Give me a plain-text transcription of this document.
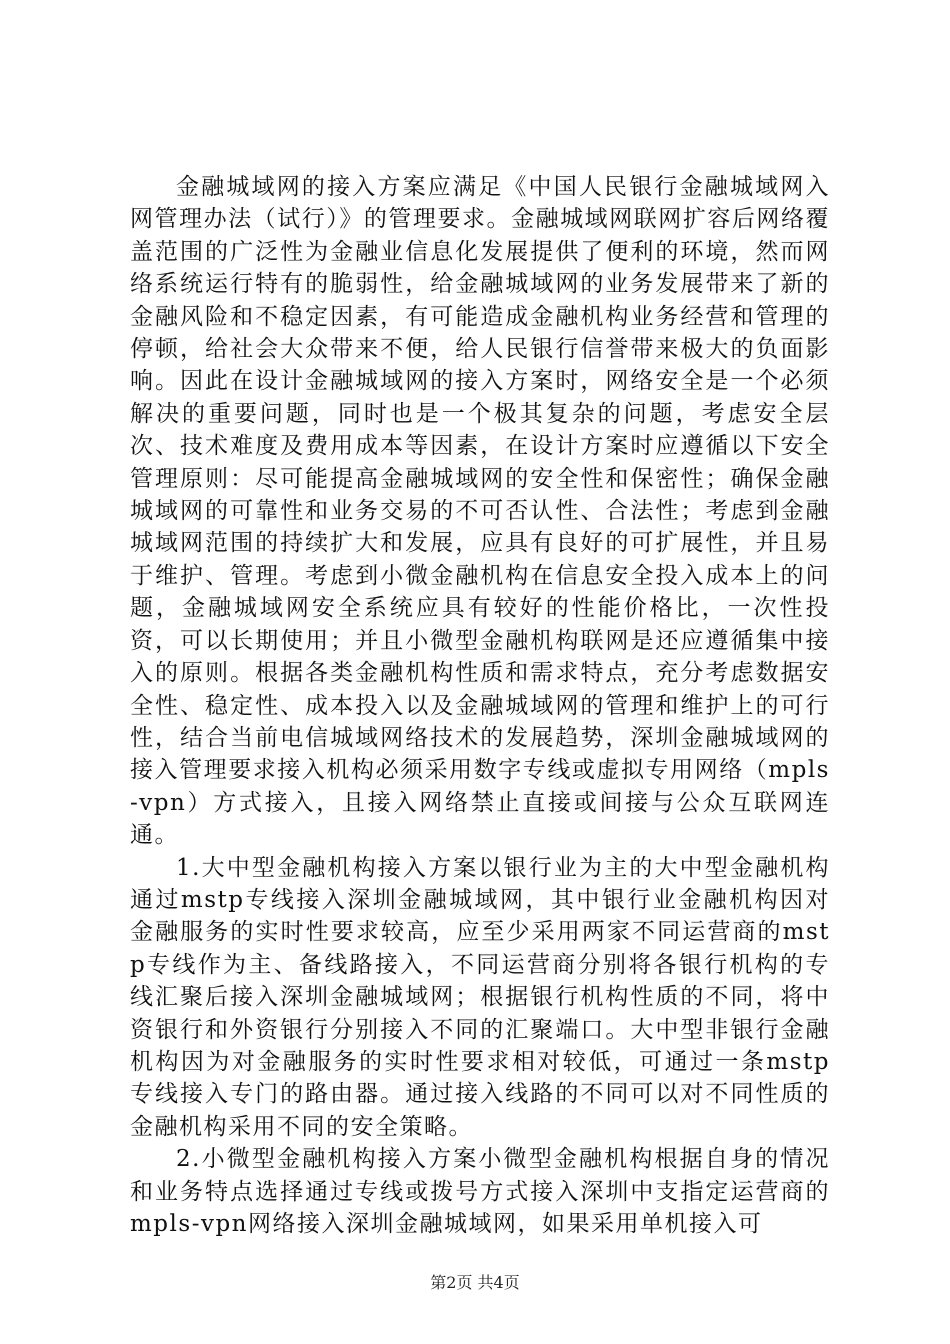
金融城域网的接入方案应满足《中国人民银行金融城域网入网管理办法（试行）》的管理要求。金融城域网联网扩容后网络覆盖范围的广泛性为金融业信息化发展提供了便利的环境，然而网络系统运行特有的脆弱性，给金融城域网的业务发展带来了新的金融风险和不稳定因素，有可能造成金融机构业务经营和管理的停顿，给社会大众带来不便，给人民银行信誉带来极大的负面影响。因此在设计金融城域网的接入方案时，网络安全是一个必须解决的重要问题，同时也是一个极其复杂的问题，考虑安全层次、技术难度及费用成本等因素，在设计方案时应遵循以下安全管理原则：尽可能提高金融城域网的安全性和保密性；确保金融城域网的可靠性和业务交易的不可否认性、合法性；考虑到金融城域网范围的持续扩大和发展，应具有良好的可扩展性，并且易于维护、管理。考虑到小微金融机构在信息安全投入成本上的问题，金融城域网安全系统应具有较好的性能价格比，一次性投资，可以长期使用；并且小微型金融机构联网是还应遵循集中接入的原则。根据各类金融机构性质和需求特点，充分考虑数据安全性、稳定性、成本投入以及金融城域网的管理和维护上的可行性，结合当前电信城域网络技术的发展趋势，深圳金融城域网的接入管理要求接入机构必须采用数字专线或虚拟专用网络（mpls-vpn）方式接入，且接入网络禁止直接或间接与公众互联网连通。

1.大中型金融机构接入方案以银行业为主的大中型金融机构通过mstp专线接入深圳金融城域网，其中银行业金融机构因对金融服务的实时性要求较高，应至少采用两家不同运营商的mstp专线作为主、备线路接入，不同运营商分别将各银行机构的专线汇聚后接入深圳金融城域网；根据银行机构性质的不同，将中资银行和外资银行分别接入不同的汇聚端口。大中型非银行金融机构因为对金融服务的实时性要求相对较低，可通过一条mstp专线接入专门的路由器。通过接入线路的不同可以对不同性质的金融机构采用不同的安全策略。

2.小微型金融机构接入方案小微型金融机构根据自身的情况和业务特点选择通过专线或拨号方式接入深圳中支指定运营商的mpls-vpn网络接入深圳金融城域网，如果采用单机接入可

第2页 共4页
